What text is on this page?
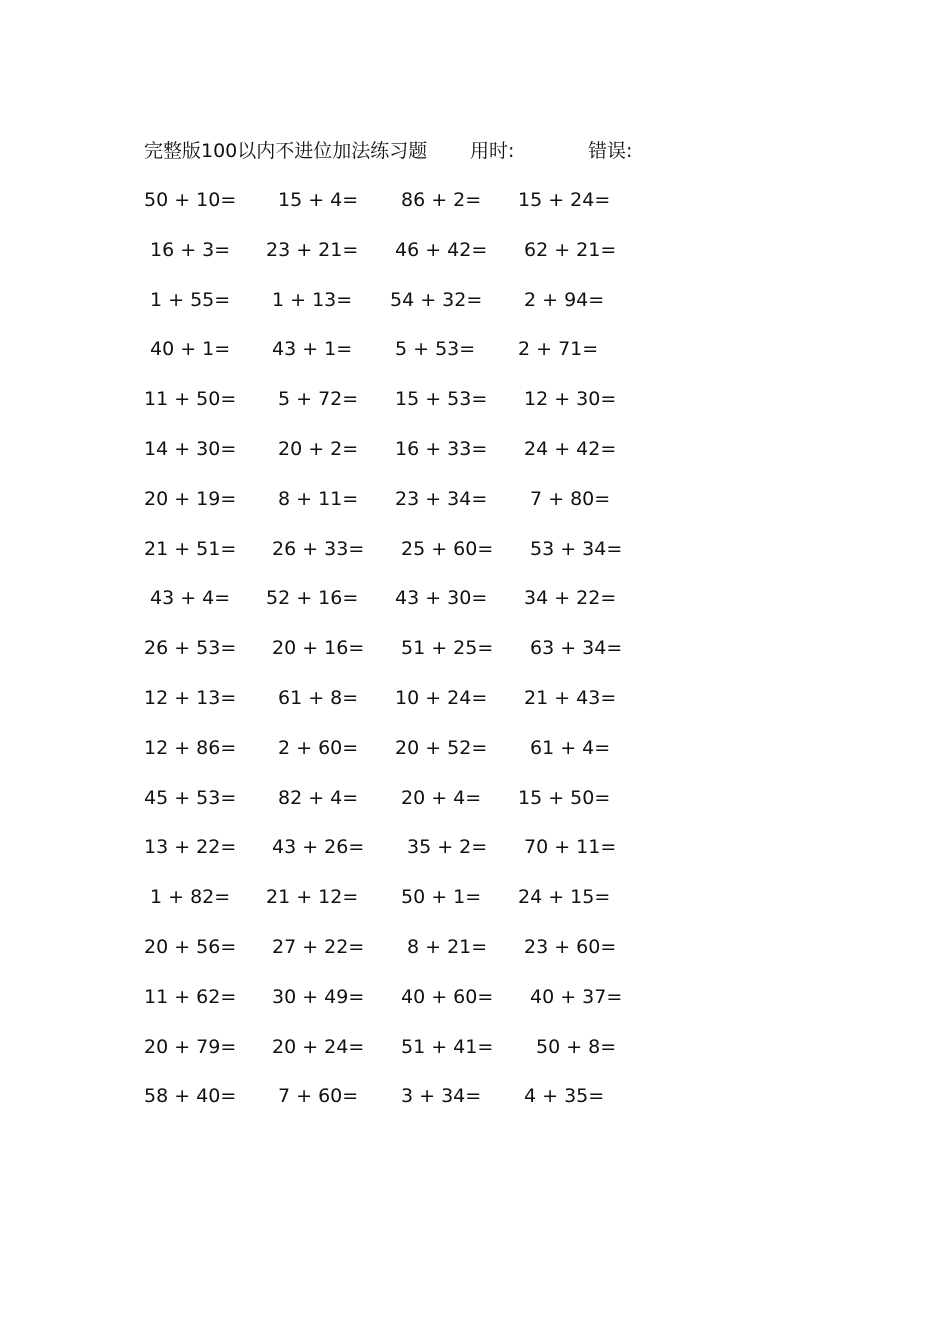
完整版100以内不进位加法练习题 用时:	错误:
50 + 10= 15 + 4= 86 + 2= 15 + 24=
16 + 3= 23 + 21= 46 + 42= 62 + 21=
1 + 55= 1 + 13= 54 + 32= 2 + 94=
40 + 1= 43 + 1= 5 + 53= 2 + 71=
11 + 50= 5 + 72= 15 + 53= 12 + 30=
14 + 30= 20 + 2= 16 + 33= 24 + 42=
20 + 19= 8 + 11= 23 + 34= 7 + 80=
21 + 51= 26 + 33= 25 + 60= 53 + 34=
43 + 4= 52 + 16= 43 + 30= 34 + 22=
26 + 53= 20 + 16= 51 + 25= 63 + 34=
12 + 13= 61 + 8= 10 + 24= 21 + 43=
12 + 86= 2 + 60= 20 + 52= 61 + 4=
45 + 53= 82 + 4= 20 + 4= 15 + 50=
13 + 22= 43 + 26= 35 + 2= 70 + 11=
1 + 82= 21 + 12= 50 + 1= 24 + 15=
20 + 56= 27 + 22= 8 + 21= 23 + 60=
11 + 62= 30 + 49= 40 + 60= 40 + 37=
20 + 79= 20 + 24= 51 + 41= 50 + 8=
58 + 40= 7 + 60= 3 + 34= 4 + 35=
